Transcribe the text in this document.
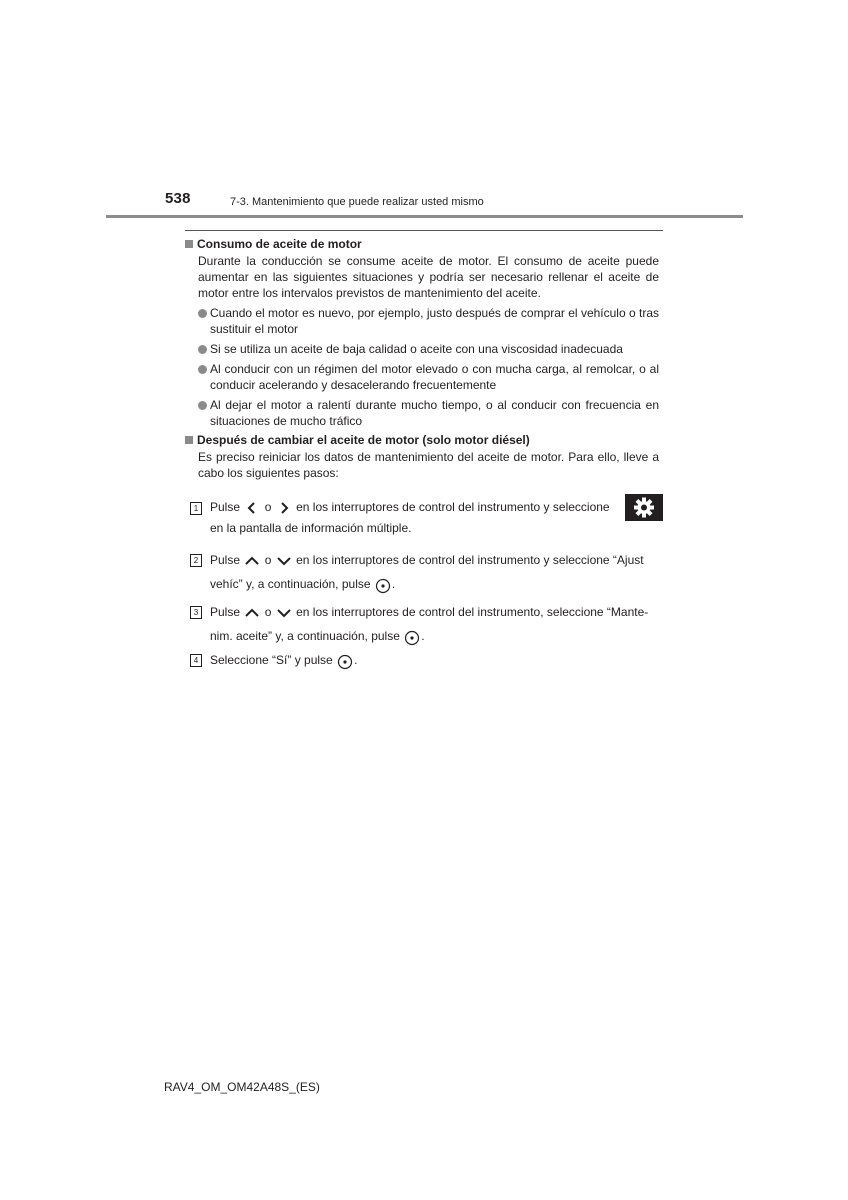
538	7-3. Mantenimiento que puede realizar usted mismo

Consumo de aceite de motor

Durante la conducción se consume aceite de motor. El consumo de aceite puede aumentar en las siguientes situaciones y podría ser necesario rellenar el aceite de motor entre los intervalos previstos de mantenimiento del aceite.

Cuando el motor es nuevo, por ejemplo, justo después de comprar el vehículo o tras sustituir el motor
Si se utiliza un aceite de baja calidad o aceite con una viscosidad inadecuada
Al conducir con un régimen del motor elevado o con mucha carga, al remolcar, o al conducir acelerando y desacelerando frecuentemente
Al dejar el motor a ralentí durante mucho tiempo, o al conducir con frecuencia en situaciones de mucho tráfico

Después de cambiar el aceite de motor (solo motor diésel)

Es preciso reiniciar los datos de mantenimiento del aceite de motor. Para ello, lleve a cabo los siguientes pasos:

1 Pulse o en los interruptores de control del instrumento y seleccione
en la pantalla de información múltiple.
2 Pulse o en los interruptores de control del instrumento y seleccione “Ajust
vehíc” y, a continuación, pulse .
3 Pulse o en los interruptores de control del instrumento, seleccione “Mante-
nim. aceite” y, a continuación, pulse .
4 Seleccione “Sí” y pulse .
RAV4_OM_OM42A48S_(ES)
